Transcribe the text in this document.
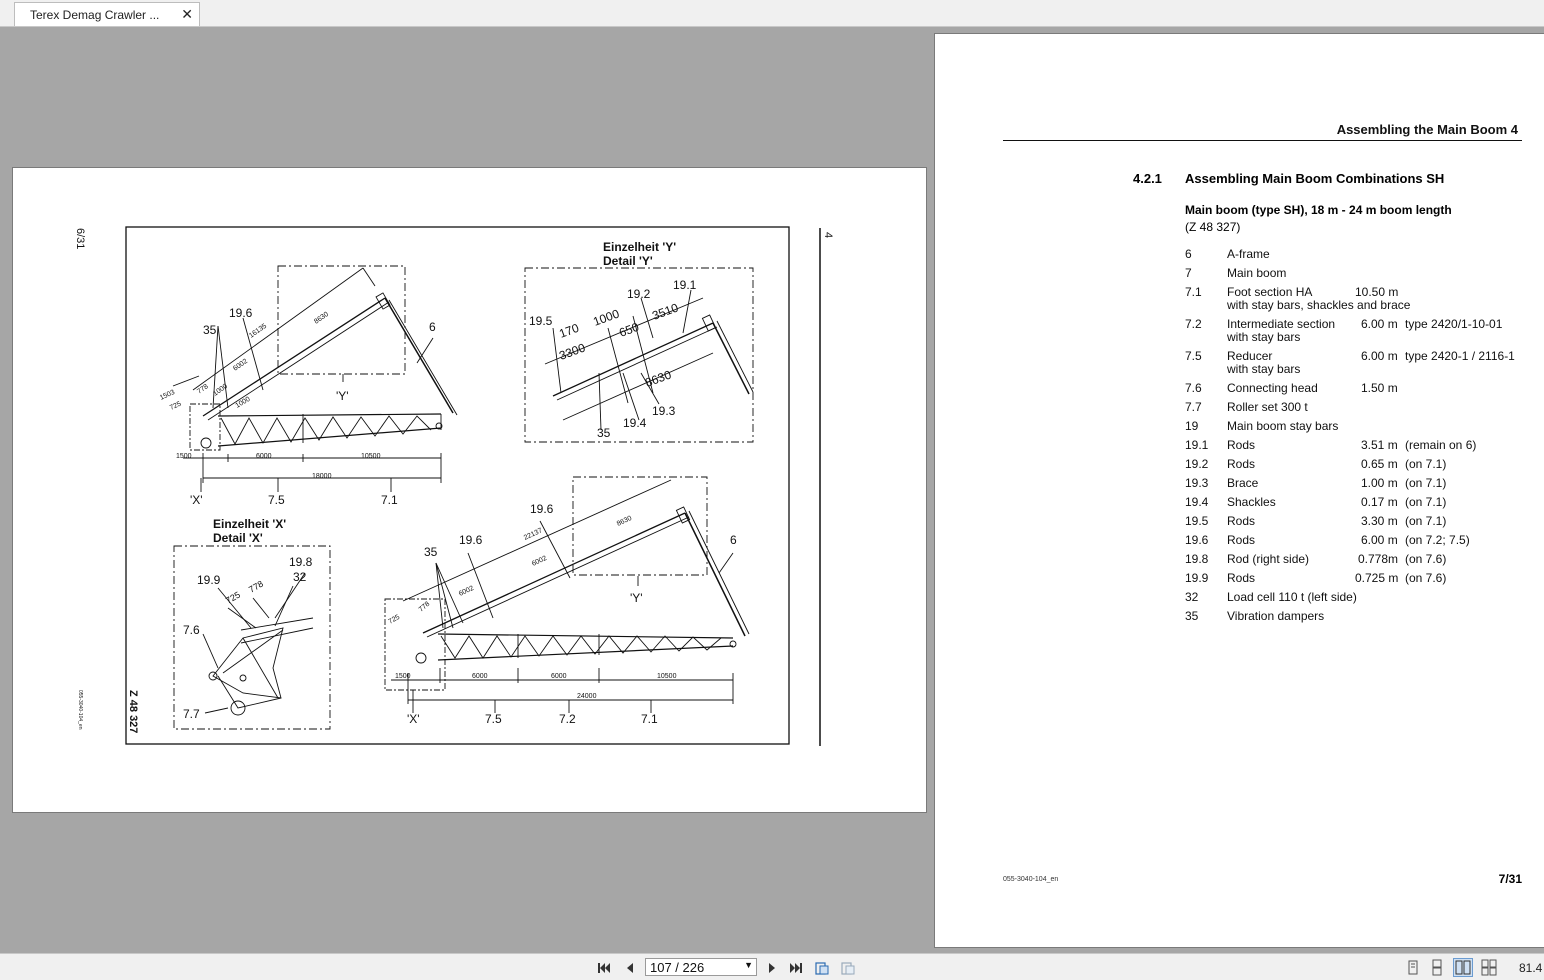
Terex Demag Crawler ... ✕
6/31	4
055-3040-104_en	Z 48 327
19.6
35	6
'Y'
'X'	7.5	7.1
1503
725
778 1000
1000
6002
16135
8630
1500	6000	10500
18000
Einzelheit 'Y'
Detail 'Y'
19.5
19.2
19.1
19.3
19.4
35
170
1000
650
3510
3300
8630
Einzelheit 'X'
Detail 'X'
19.9
19.8
32
7.6
7.7
725
778
19.6
19.6
35
6
'Y'
'X'	7.5	7.2	7.1
22137
8630
6002
6002
725
778
1500	6000	6000	10500
24000
Assembling the Main Boom 4
4.2.1 Assembling Main Boom Combinations SH
Main boom (type SH), 18 m - 24 m boom length
(Z 48 327)
6	A-frame
7	Main boom
7.1 Foot section HA	10.50 m
with stay bars, shackles and brace
7.2 Intermediate section 6.00 m type 2420/1-10-01
with stay bars
7.5 Reducer	6.00 m type 2420-1 / 2116-1
with stay bars
7.6 Connecting head	1.50 m
7.7 Roller set 300 t
19 Main boom stay bars
19.1 Rods	3.51 m (remain on 6)
19.2 Rods	0.65 m (on 7.1)
19.3 Brace	1.00 m (on 7.1)
19.4 Shackles	0.17 m (on 7.1)
19.5 Rods	3.30 m (on 7.1)
19.6 Rods	6.00 m (on 7.2; 7.5)
19.8 Rod (right side)	0.778m (on 7.6)
19.9 Rods	0.725 m (on 7.6)
32 Load cell 110 t (left side)
35 Vibration dampers
055-3040-104_en	7/31
107 / 226	▼	81.4
